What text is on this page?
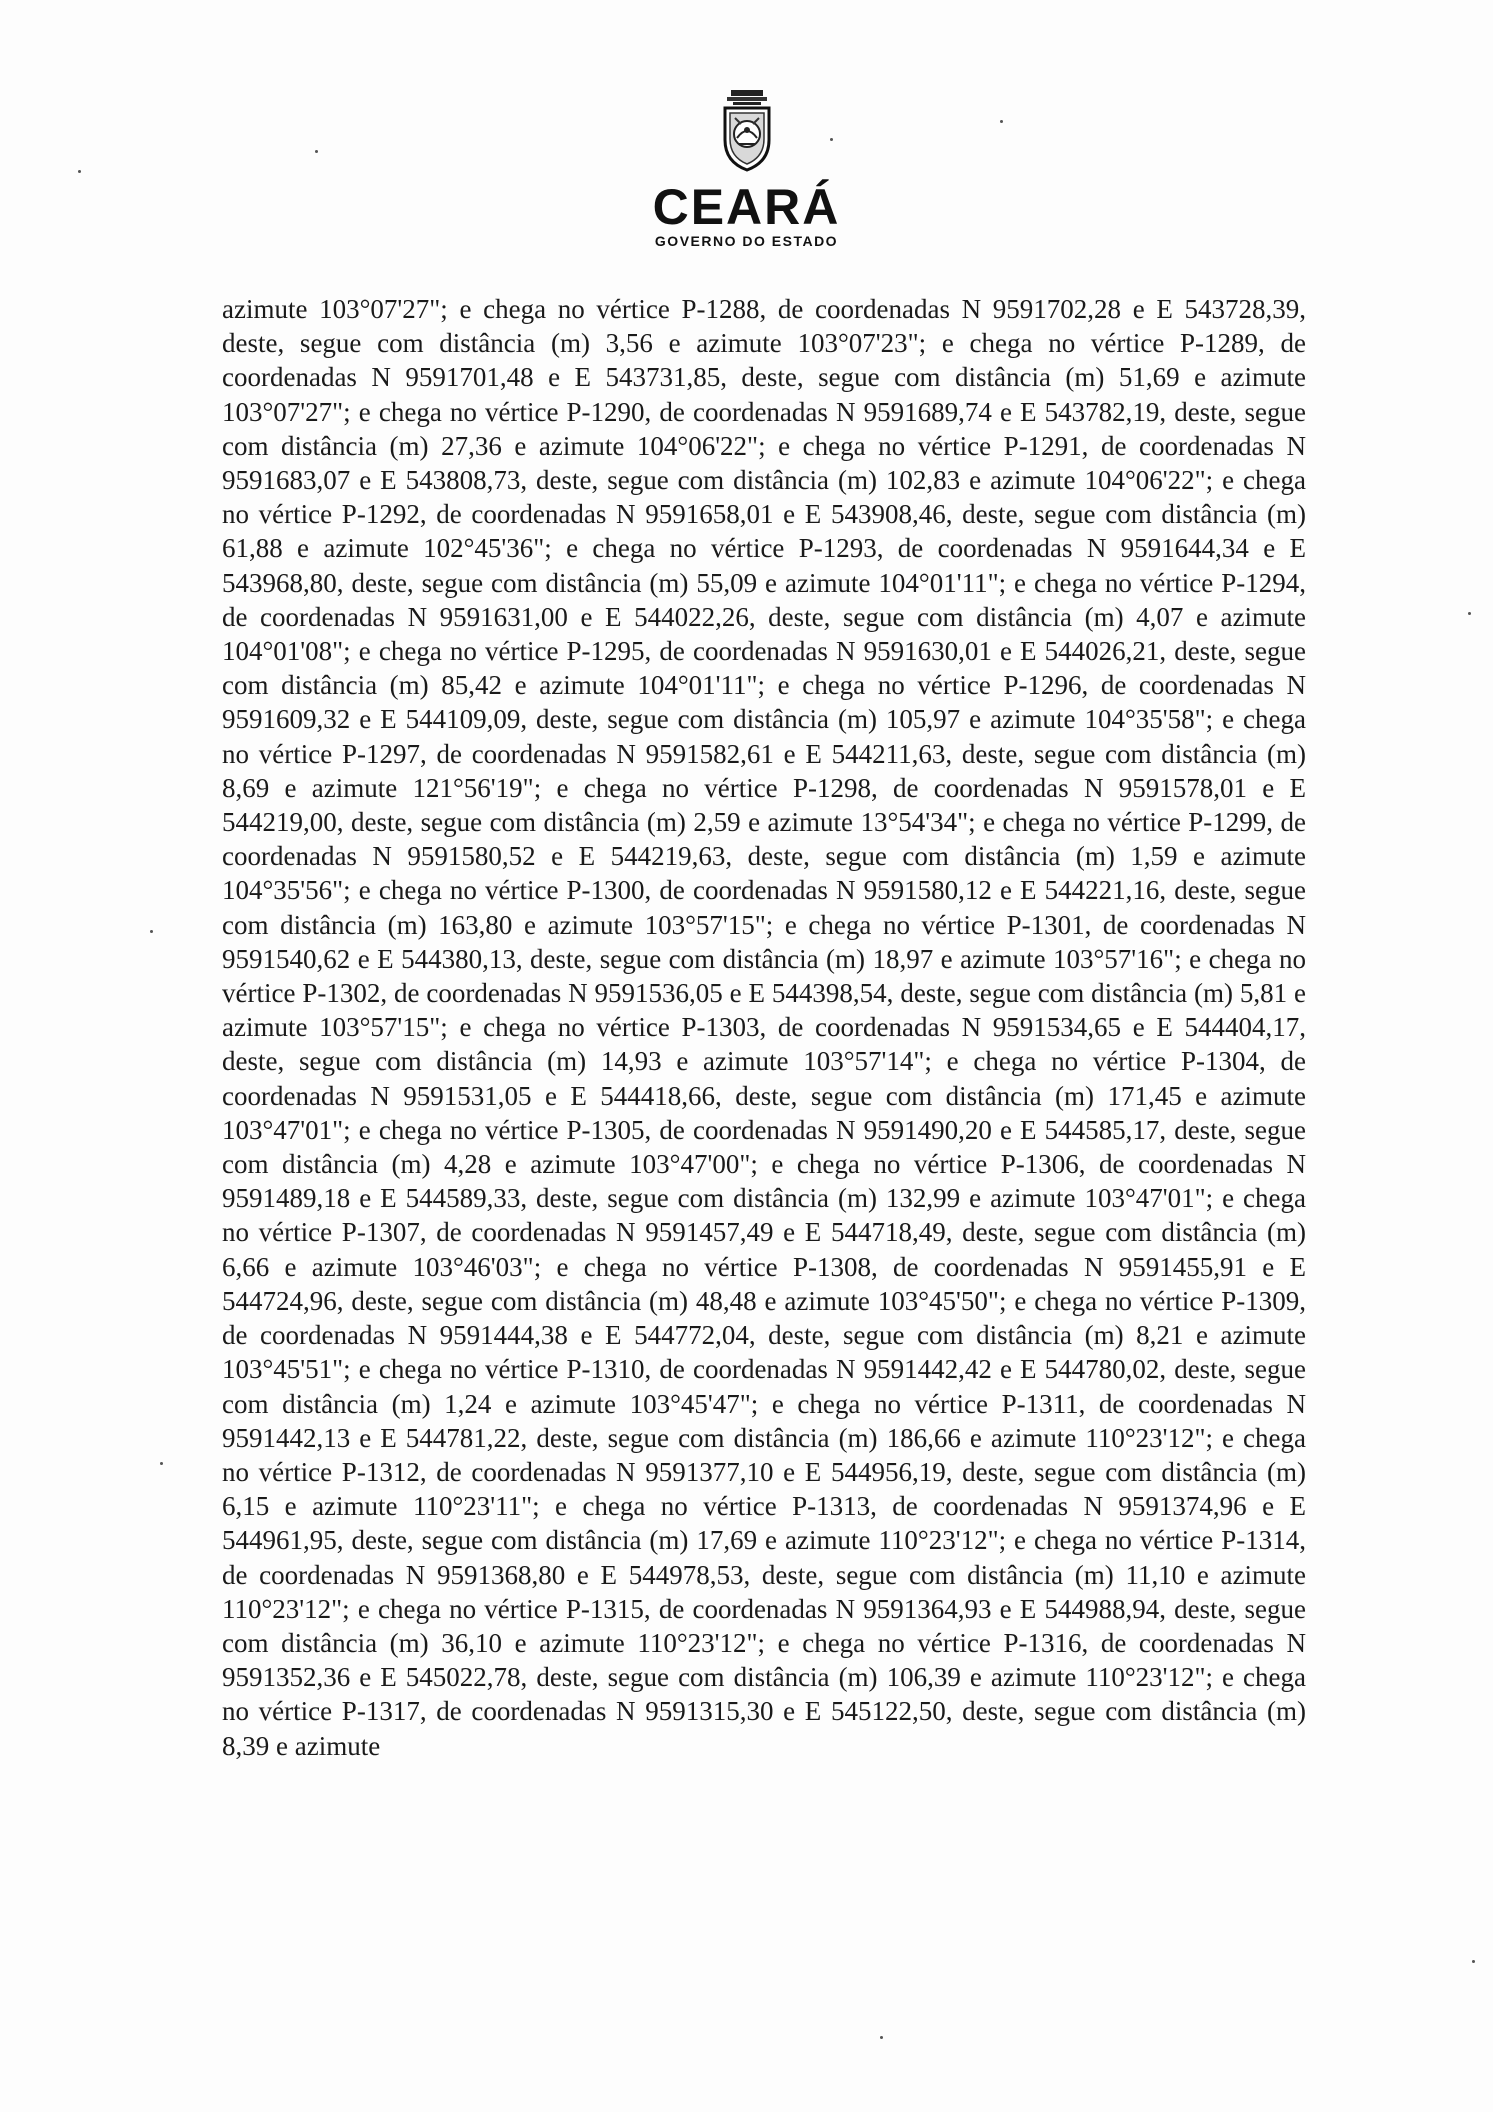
CEARÁ
GOVERNO DO ESTADO

azimute 103°07'27"; e chega no vértice P-1288, de coordenadas N 9591702,28 e E 543728,39, deste, segue com distância (m) 3,56 e azimute 103°07'23"; e chega no vértice P-1289, de coordenadas N 9591701,48 e E 543731,85, deste, segue com distância (m) 51,69 e azimute 103°07'27"; e chega no vértice P-1290, de coordenadas N 9591689,74 e E 543782,19, deste, segue com distância (m) 27,36 e azimute 104°06'22"; e chega no vértice P-1291, de coordenadas N 9591683,07 e E 543808,73, deste, segue com distância (m) 102,83 e azimute 104°06'22"; e chega no vértice P-1292, de coordenadas N 9591658,01 e E 543908,46, deste, segue com distância (m) 61,88 e azimute 102°45'36"; e chega no vértice P-1293, de coordenadas N 9591644,34 e E 543968,80, deste, segue com distância (m) 55,09 e azimute 104°01'11"; e chega no vértice P-1294, de coordenadas N 9591631,00 e E 544022,26, deste, segue com distância (m) 4,07 e azimute 104°01'08"; e chega no vértice P-1295, de coordenadas N 9591630,01 e E 544026,21, deste, segue com distância (m) 85,42 e azimute 104°01'11"; e chega no vértice P-1296, de coordenadas N 9591609,32 e E 544109,09, deste, segue com distância (m) 105,97 e azimute 104°35'58"; e chega no vértice P-1297, de coordenadas N 9591582,61 e E 544211,63, deste, segue com distância (m) 8,69 e azimute 121°56'19"; e chega no vértice P-1298, de coordenadas N 9591578,01 e E 544219,00, deste, segue com distância (m) 2,59 e azimute 13°54'34"; e chega no vértice P-1299, de coordenadas N 9591580,52 e E 544219,63, deste, segue com distância (m) 1,59 e azimute 104°35'56"; e chega no vértice P-1300, de coordenadas N 9591580,12 e E 544221,16, deste, segue com distância (m) 163,80 e azimute 103°57'15"; e chega no vértice P-1301, de coordenadas N 9591540,62 e E 544380,13, deste, segue com distância (m) 18,97 e azimute 103°57'16"; e chega no vértice P-1302, de coordenadas N 9591536,05 e E 544398,54, deste, segue com distância (m) 5,81 e azimute 103°57'15"; e chega no vértice P-1303, de coordenadas N 9591534,65 e E 544404,17, deste, segue com distância (m) 14,93 e azimute 103°57'14"; e chega no vértice P-1304, de coordenadas N 9591531,05 e E 544418,66, deste, segue com distância (m) 171,45 e azimute 103°47'01"; e chega no vértice P-1305, de coordenadas N 9591490,20 e E 544585,17, deste, segue com distância (m) 4,28 e azimute 103°47'00"; e chega no vértice P-1306, de coordenadas N 9591489,18 e E 544589,33, deste, segue com distância (m) 132,99 e azimute 103°47'01"; e chega no vértice P-1307, de coordenadas N 9591457,49 e E 544718,49, deste, segue com distância (m) 6,66 e azimute 103°46'03"; e chega no vértice P-1308, de coordenadas N 9591455,91 e E 544724,96, deste, segue com distância (m) 48,48 e azimute 103°45'50"; e chega no vértice P-1309, de coordenadas N 9591444,38 e E 544772,04, deste, segue com distância (m) 8,21 e azimute 103°45'51"; e chega no vértice P-1310, de coordenadas N 9591442,42 e E 544780,02, deste, segue com distância (m) 1,24 e azimute 103°45'47"; e chega no vértice P-1311, de coordenadas N 9591442,13 e E 544781,22, deste, segue com distância (m) 186,66 e azimute 110°23'12"; e chega no vértice P-1312, de coordenadas N 9591377,10 e E 544956,19, deste, segue com distância (m) 6,15 e azimute 110°23'11"; e chega no vértice P-1313, de coordenadas N 9591374,96 e E 544961,95, deste, segue com distância (m) 17,69 e azimute 110°23'12"; e chega no vértice P-1314, de coordenadas N 9591368,80 e E 544978,53, deste, segue com distância (m) 11,10 e azimute 110°23'12"; e chega no vértice P-1315, de coordenadas N 9591364,93 e E 544988,94, deste, segue com distância (m) 36,10 e azimute 110°23'12"; e chega no vértice P-1316, de coordenadas N 9591352,36 e E 545022,78, deste, segue com distância (m) 106,39 e azimute 110°23'12"; e chega no vértice P-1317, de coordenadas N 9591315,30 e E 545122,50, deste, segue com distância (m) 8,39 e azimute
